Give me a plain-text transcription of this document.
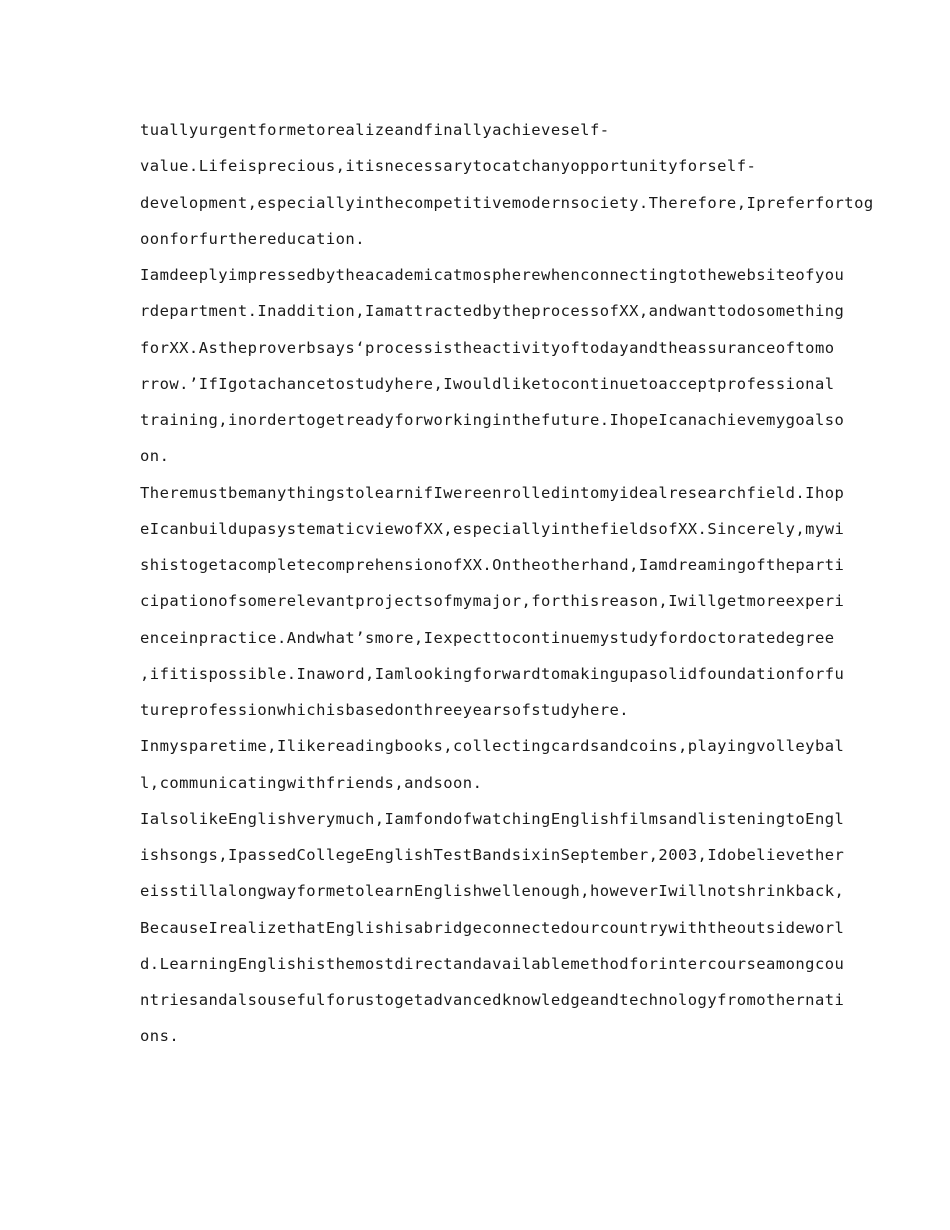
tuallyurgentformetorealizeandfinallyachieveself-
value.Lifeisprecious,itisnecessarytocatchanyopportunityforself-
development,especiallyinthecompetitivemodernsociety.Therefore,Ipreferfortog
oonforfurthereducation.
Iamdeeplyimpressedbytheacademicatmospherewhenconnectingtothewebsiteofyou
rdepartment.Inaddition,IamattractedbytheprocessofXX,andwanttodosomething
forXX.Astheproverbsays‘processistheactivityoftodayandtheassuranceoftomo
rrow.’IfIgotachancetostudyhere,Iwouldliketocontinuetoacceptprofessional
training,inordertogetreadyforworkinginthefuture.IhopeIcanachievemygoalso
on.
TheremustbemanythingstolearnifIwereenrolledintomyidealresearchfield.Ihop
eIcanbuildupasystematicviewofXX,especiallyinthefieldsofXX.Sincerely,mywi
shistogetacompletecomprehensionofXX.Ontheotherhand,Iamdreamingoftheparti
cipationofsomerelevantprojectsofmymajor,forthisreason,Iwillgetmoreexperi
enceinpractice.Andwhat’smore,Iexpecttocontinuemystudyfordoctoratedegree
,ifitispossible.Inaword,Iamlookingforwardtomakingupasolidfoundationforfu
tureprofessionwhichisbasedonthreeyearsofstudyhere.
Inmysparetime,Ilikereadingbooks,collectingcardsandcoins,playingvolleybal
l,communicatingwithfriends,andsoon.
IalsolikeEnglishverymuch,IamfondofwatchingEnglishfilmsandlisteningtoEngl
ishsongs,IpassedCollegeEnglishTestBandsixinSeptember,2003,Idobelievether
eisstillalongwayformetolearnEnglishwellenough,howeverIwillnotshrinkback,
BecauseIrealizethatEnglishisabridgeconnectedourcountrywiththeoutsideworl
d.LearningEnglishisthemostdirectandavailablemethodforintercourseamongcou
ntriesandalsousefulforustogetadvancedknowledgeandtechnologyfromothernati
ons.
